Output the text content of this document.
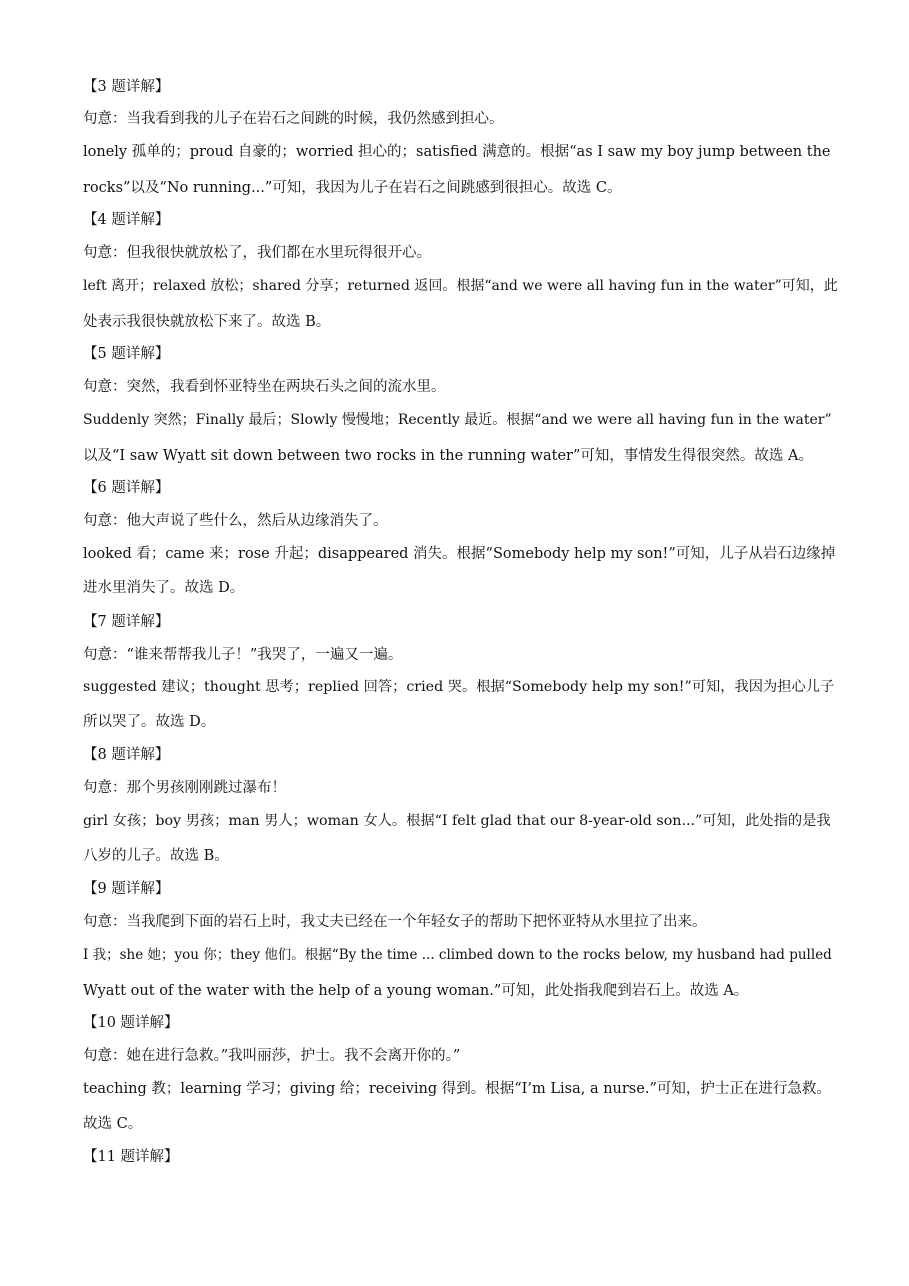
【3 题详解】
句意：当我看到我的儿子在岩石之间跳的时候，我仍然感到担心。
lonely 孤单的；proud 自豪的；worried 担心的；satisfied 满意的。根据“as I saw my boy jump between the
rocks”以及“No running...”可知，我因为儿子在岩石之间跳感到很担心。故选 C。
【4 题详解】
句意：但我很快就放松了，我们都在水里玩得很开心。
left 离开；relaxed 放松；shared 分享；returned 返回。根据“and we were all having fun in the water”可知，此
处表示我很快就放松下来了。故选 B。
【5 题详解】
句意：突然，我看到怀亚特坐在两块石头之间的流水里。
Suddenly 突然；Finally 最后；Slowly 慢慢地；Recently 最近。根据“and we were all having fun in the water”
以及“I saw Wyatt sit down between two rocks in the running water”可知，事情发生得很突然。故选 A。
【6 题详解】
句意：他大声说了些什么，然后从边缘消失了。
looked 看；came 来；rose 升起；disappeared 消失。根据“Somebody help my son!”可知，儿子从岩石边缘掉
进水里消失了。故选 D。
【7 题详解】
句意：“谁来帮帮我儿子！”我哭了，一遍又一遍。
suggested 建议；thought 思考；replied 回答；cried 哭。根据“Somebody help my son!”可知，我因为担心儿子
所以哭了。故选 D。
【8 题详解】
句意：那个男孩刚刚跳过瀑布！
girl 女孩；boy 男孩；man 男人；woman 女人。根据“I felt glad that our 8-year-old son...”可知，此处指的是我
八岁的儿子。故选 B。
【9 题详解】
句意：当我爬到下面的岩石上时，我丈夫已经在一个年轻女子的帮助下把怀亚特从水里拉了出来。
I 我；she 她；you 你；they 他们。根据“By the time ... climbed down to the rocks below, my husband had pulled
Wyatt out of the water with the help of a young woman.”可知，此处指我爬到岩石上。故选 A。
【10 题详解】
句意：她在进行急救。”我叫丽莎，护士。我不会离开你的。”
teaching 教；learning 学习；giving 给；receiving 得到。根据“I’m Lisa, a nurse.”可知，护士正在进行急救。
故选 C。
【11 题详解】
